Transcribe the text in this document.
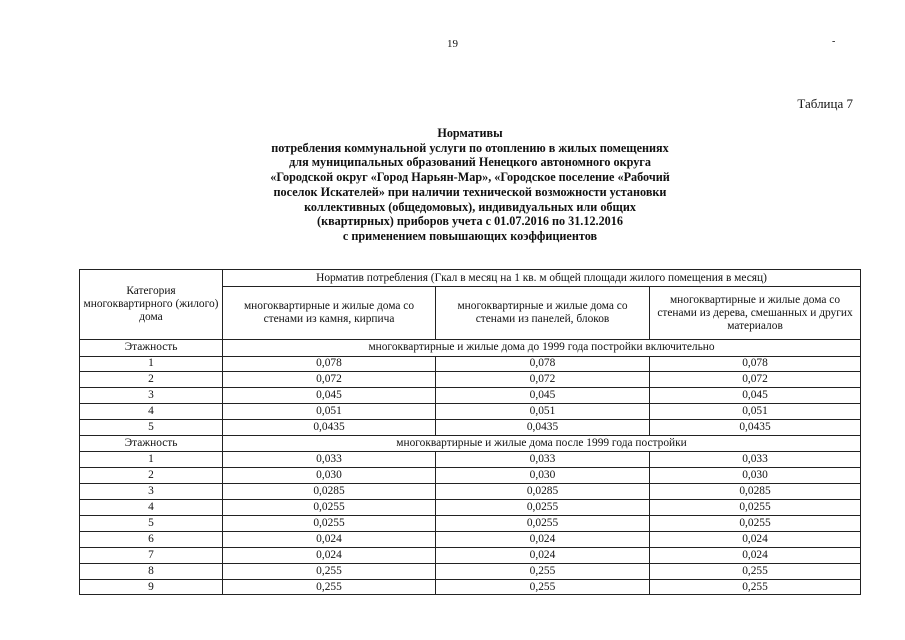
19	-
Таблица 7
Нормативы
потребления коммунальной услуги по отоплению в жилых помещениях
для муниципальных образований Ненецкого автономного округа
«Городской округ «Город Нарьян-Мар», «Городское поселение «Рабочий
поселок Искателей» при наличии технической возможности установки
коллективных (общедомовых), индивидуальных или общих
(квартирных) приборов учета с 01.07.2016 по 31.12.2016
с применением повышающих коэффициентов
Категория многоквартирного (жилого) дома	Норматив потребления (Гкал в месяц на 1 кв. м общей площади жилого помещения в месяц)		
	многоквартирные и жилые дома со стенами из камня, кирпича	многоквартирные и жилые дома со стенами из панелей, блоков	многоквартирные и жилые дома со стенами из дерева, смешанных и других материалов
Этажность	многоквартирные и жилые дома до 1999 года постройки включительно		
1	0,078	0,078	0,078
2	0,072	0,072	0,072
3	0,045	0,045	0,045
4	0,051	0,051	0,051
5	0,0435	0,0435	0,0435
Этажность	многоквартирные и жилые дома после 1999 года постройки		
1	0,033	0,033	0,033
2	0,030	0,030	0,030
3	0,0285	0,0285	0,0285
4	0,0255	0,0255	0,0255
5	0,0255	0,0255	0,0255
6	0,024	0,024	0,024
7	0,024	0,024	0,024
8	0,255	0,255	0,255
9	0,255	0,255	0,255
